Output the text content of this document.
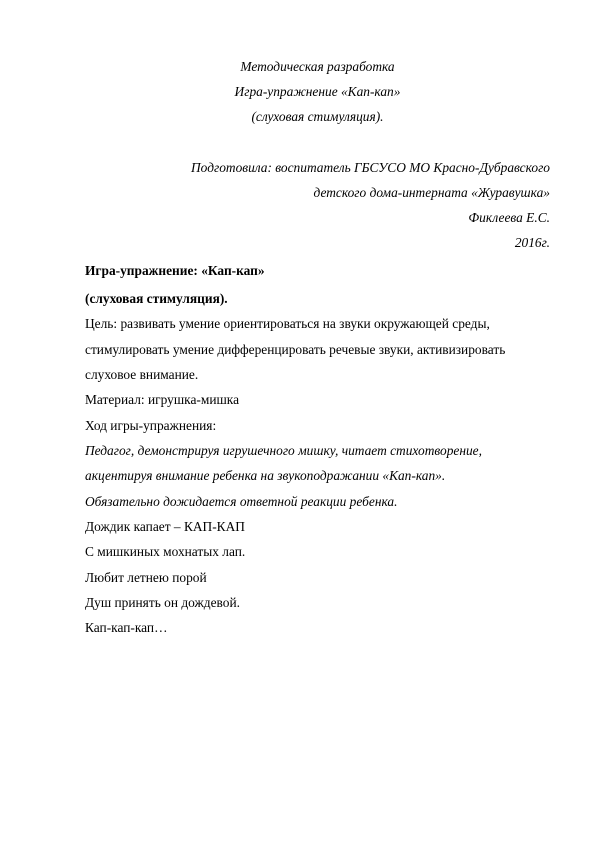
Методическая разработка

Игра-упражнение «Кап-кап»

(слуховая стимуляция).

Подготовила: воспитатель ГБСУСО МО Красно-Дубравского

детского дома-интерната «Журавушка»

Фиклеева Е.С.

2016г.

Игра-упражнение: «Кап-кап»

(слуховая стимуляция).

Цель: развивать умение ориентироваться на звуки окружающей среды,

стимулировать умение дифференцировать речевые звуки, активизировать

слуховое внимание.

Материал: игрушка-мишка

Ход игры-упражнения:

Педагог, демонстрируя игрушечного мишку, читает стихотворение,

акцентируя внимание ребенка на звукоподражании «Кап-кап».

Обязательно дожидается ответной реакции ребенка.

Дождик капает – КАП-КАП

С мишкиных мохнатых лап.

Любит летнею порой

Душ принять он дождевой.

Кап-кап-кап…
